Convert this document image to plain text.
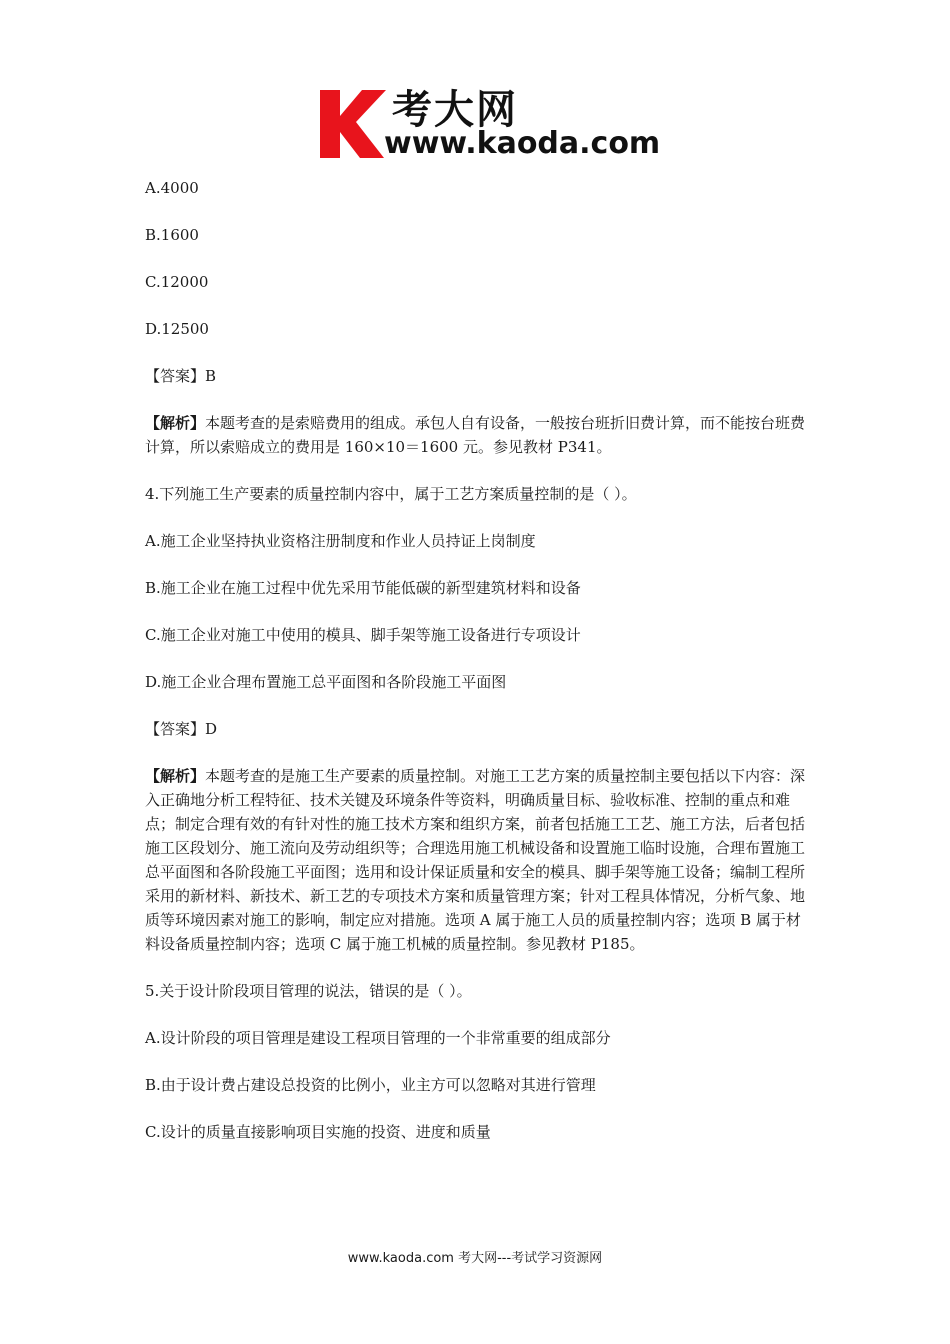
考大网
www.kaoda.com

A.4000

B.1600

C.12000

D.12500

【答案】B

【解析】本题考查的是索赔费用的组成。承包人自有设备，一般按台班折旧费计算，而不能按台班费计算，所以索赔成立的费用是 160×10＝1600 元。参见教材 P341。

4.下列施工生产要素的质量控制内容中，属于工艺方案质量控制的是（ ）。

A.施工企业坚持执业资格注册制度和作业人员持证上岗制度

B.施工企业在施工过程中优先采用节能低碳的新型建筑材料和设备

C.施工企业对施工中使用的模具、脚手架等施工设备进行专项设计

D.施工企业合理布置施工总平面图和各阶段施工平面图

【答案】D

【解析】本题考查的是施工生产要素的质量控制。对施工工艺方案的质量控制主要包括以下内容：深入正确地分析工程特征、技术关键及环境条件等资料，明确质量目标、验收标准、控制的重点和难点；制定合理有效的有针对性的施工技术方案和组织方案，前者包括施工工艺、施工方法，后者包括施工区段划分、施工流向及劳动组织等；合理选用施工机械设备和设置施工临时设施，合理布置施工总平面图和各阶段施工平面图；选用和设计保证质量和安全的模具、脚手架等施工设备；编制工程所采用的新材料、新技术、新工艺的专项技术方案和质量管理方案；针对工程具体情况，分析气象、地质等环境因素对施工的影响，制定应对措施。选项 A 属于施工人员的质量控制内容；选项 B 属于材料设备质量控制内容；选项 C 属于施工机械的质量控制。参见教材 P185。

5.关于设计阶段项目管理的说法，错误的是（ ）。

A.设计阶段的项目管理是建设工程项目管理的一个非常重要的组成部分

B.由于设计费占建设总投资的比例小，业主方可以忽略对其进行管理

C.设计的质量直接影响项目实施的投资、进度和质量

www.kaoda.com 考大网---考试学习资源网
